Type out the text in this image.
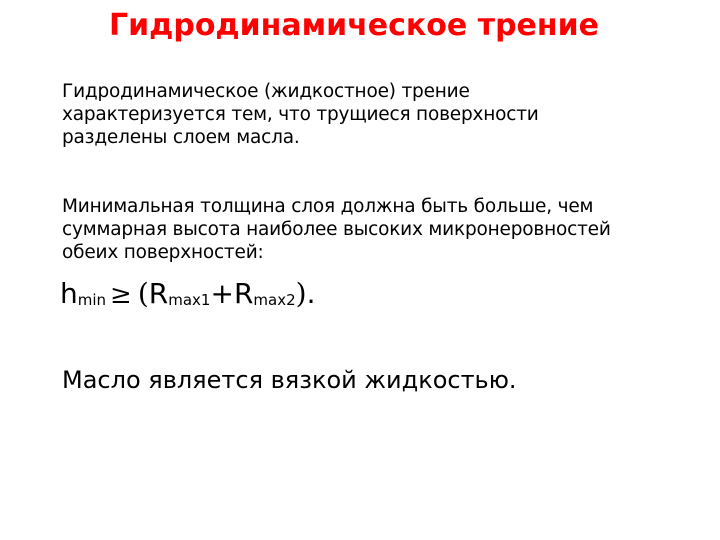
Гидродинамическое трение
Гидродинамическое (жидкостное) трение
характеризуется тем, что трущиеся поверхности
разделены слоем масла.
Минимальная толщина слоя должна быть больше, чем
суммарная высота наиболее высоких микронеровностей
обеих поверхностей:
hmin ≥ (Rmax1+Rmax2).
Масло является вязкой жидкостью.
